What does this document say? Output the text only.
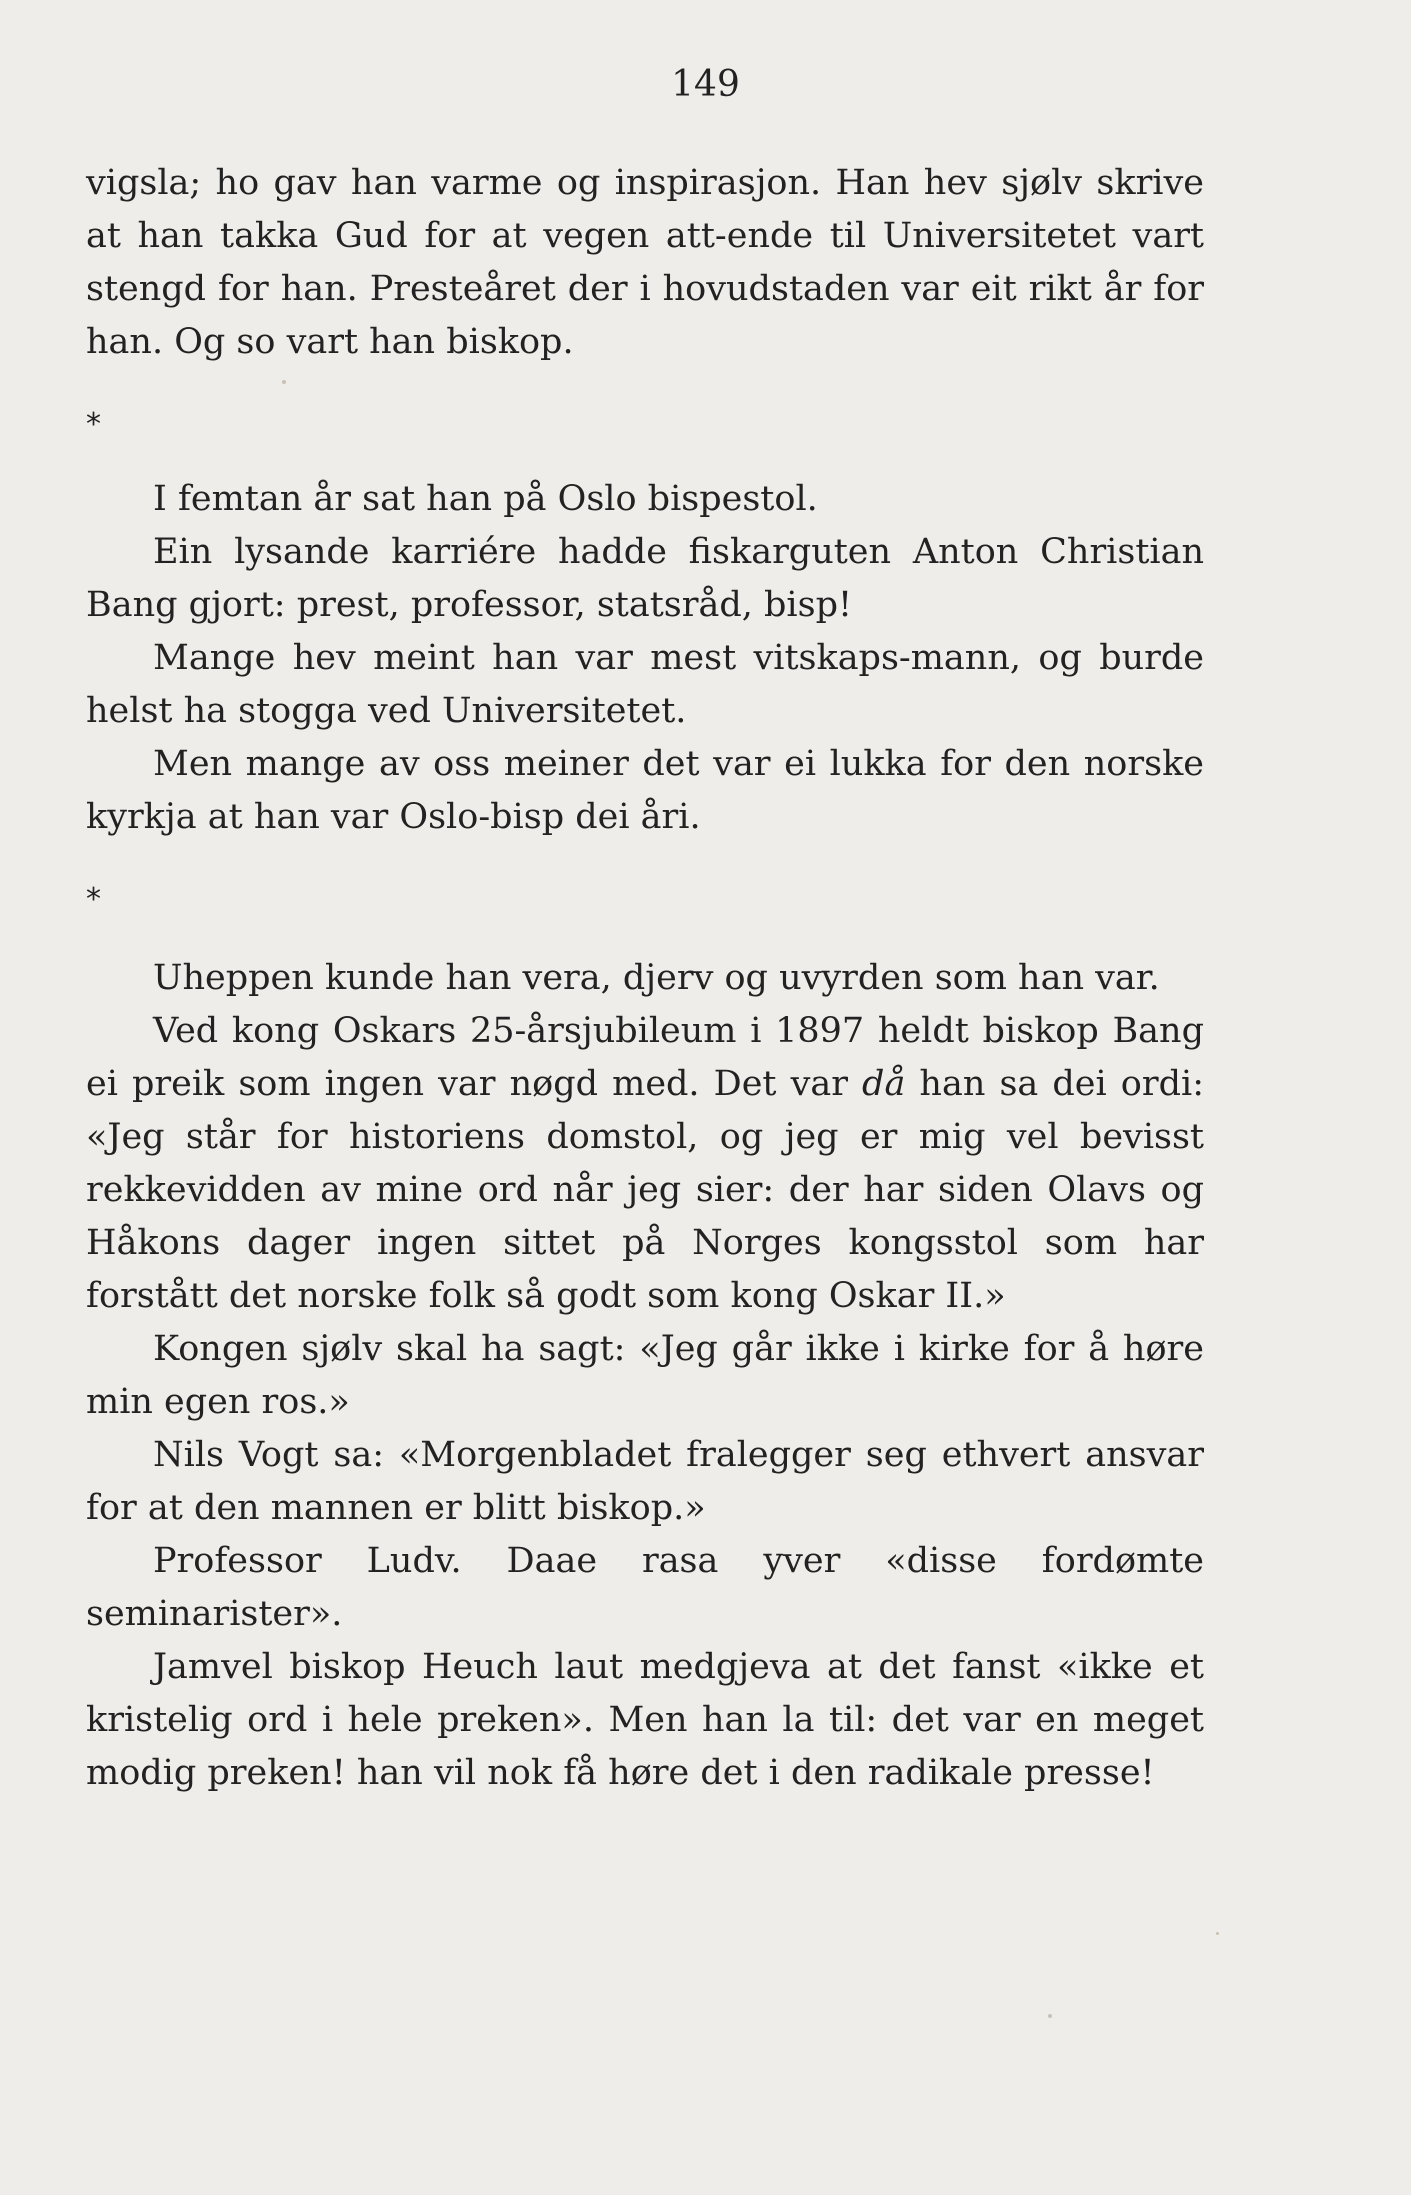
149

vigsla; ho gav han varme og inspirasjon. Han hev sjølv skrive at han takka Gud for at vegen att-ende til Universitetet vart stengd for han. Presteåret der i hovudstaden var eit rikt år for han. Og so vart han biskop.

*

I femtan år sat han på Oslo bispestol.

Ein lysande karriére hadde fiskarguten Anton Christian Bang gjort: prest, professor, statsråd, bisp!

Mange hev meint han var mest vitskaps-mann, og burde helst ha stogga ved Universitetet.

Men mange av oss meiner det var ei lukka for den norske kyrkja at han var Oslo-bisp dei åri.

*

Uheppen kunde han vera, djerv og uvyrden som han var.

Ved kong Oskars 25-årsjubileum i 1897 heldt biskop Bang ei preik som ingen var nøgd med. Det var då han sa dei ordi: «Jeg står for historiens domstol, og jeg er mig vel bevisst rekkevidden av mine ord når jeg sier: der har siden Olavs og Håkons dager ingen sittet på Norges kongsstol som har forstått det norske folk så godt som kong Oskar II.»

Kongen sjølv skal ha sagt: «Jeg går ikke i kirke for å høre min egen ros.»

Nils Vogt sa: «Morgenbladet fralegger seg ethvert ansvar for at den mannen er blitt biskop.»

Professor Ludv. Daae rasa yver «disse fordømte seminarister».

Jamvel biskop Heuch laut medgjeva at det fanst «ikke et kristelig ord i hele preken». Men han la til: det var en meget modig preken! han vil nok få høre det i den radikale presse!
